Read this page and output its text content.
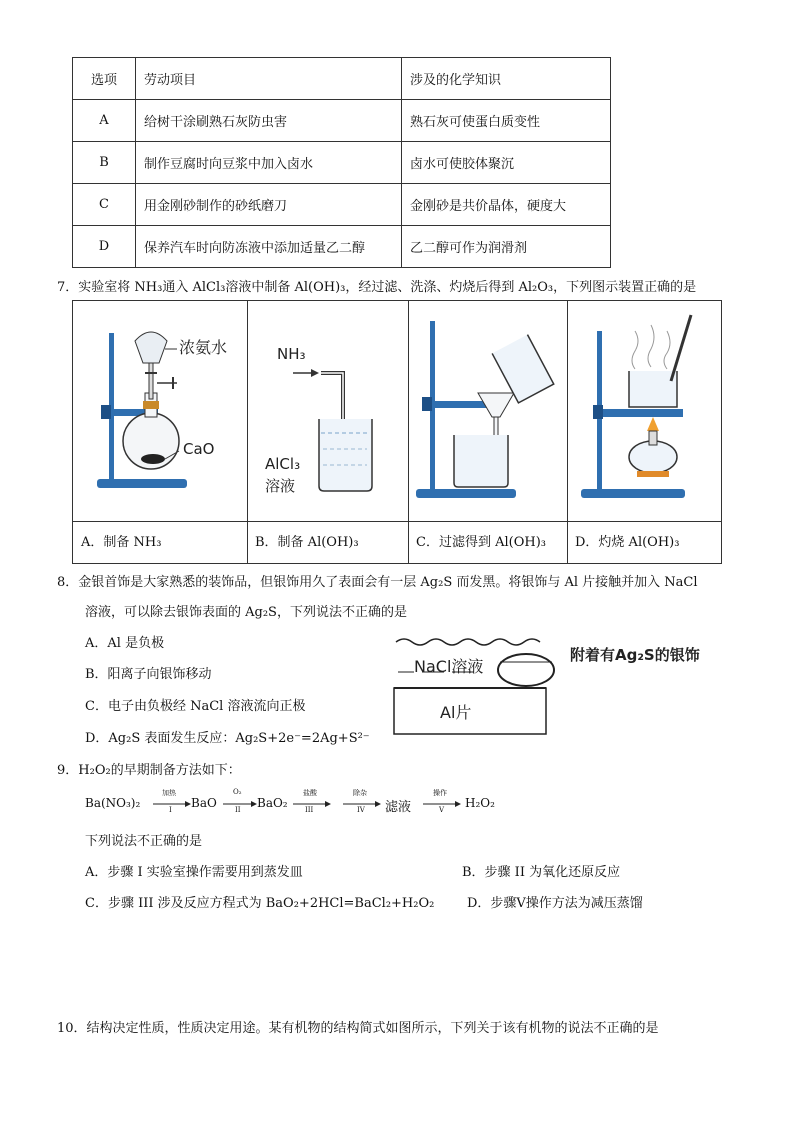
选项	劳动项目	涉及的化学知识
A	给树干涂刷熟石灰防虫害	熟石灰可使蛋白质变性
B	制作豆腐时向豆浆中加入卤水	卤水可使胶体聚沉
C	用金刚砂制作的砂纸磨刀	金刚砂是共价晶体，硬度大
D	保养汽车时向防冻液中添加适量乙二醇	乙二醇可作为润滑剂
7．实验室将 NH₃通入 AlCl₃溶液中制备 Al(OH)₃，经过滤、洗涤、灼烧后得到 Al₂O₃，下列图示装置正确的是
浓氨水
CaO
NH₃
AlCl₃
溶液
A．制备 NH₃	B．制备 Al(OH)₃	C．过滤得到 Al(OH)₃	D．灼烧 Al(OH)₃
8．金银首饰是大家熟悉的装饰品，但银饰用久了表面会有一层 Ag₂S 而发黑。将银饰与 Al 片接触并加入 NaCl
溶液，可以除去银饰表面的 Ag₂S，下列说法不正确的是
A．Al 是负极
B．阳离子向银饰移动
C．电子由负极经 NaCl 溶液流向正极
D．Ag₂S 表面发生反应：Ag₂S+2e⁻=2Ag+S²⁻
NaCl溶液
附着有Ag₂S的银饰
Al片
9．H₂O₂的早期制备方法如下：
Ba(NO₃)₂
加热
I BaO
O₂
II BaO₂
盐酸
III
除杂
IV 滤液
操作
V H₂O₂
下列说法不正确的是
A．步骤 I 实验室操作需要用到蒸发皿	B．步骤 II 为氧化还原反应
C．步骤 III 涉及反应方程式为 BaO₂+2HCl=BaCl₂+H₂O₂	D．步骤Ⅴ操作方法为减压蒸馏
10．结构决定性质，性质决定用途。某有机物的结构简式如图所示，下列关于该有机物的说法不正确的是
